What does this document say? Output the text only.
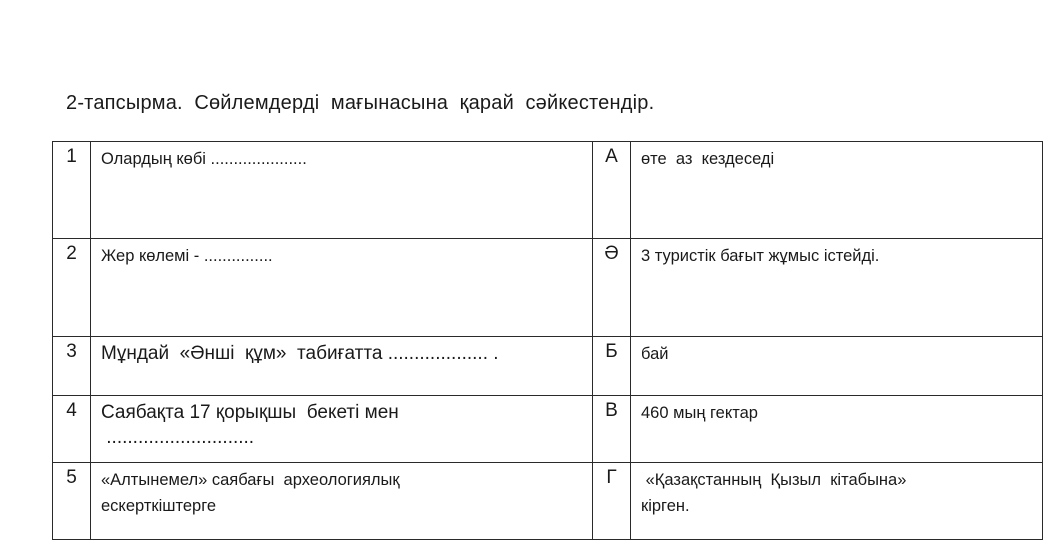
2-тапсырма.  Сөйлемдерді  мағынасына  қарай  сәйкестендір.
1	Олардың көбі .....................	А	өте  аз  кездеседі

2	Жер көлемі - ...............	Ә	3 туристік бағыт жұмыс істейді.

3	Мұндай  «Әнші  құм»  табиғатта ................... .	Б	бай

4	Саябақта 17 қорықшы  бекеті мен
............................	В	460 мың гектар

5	«Алтынемел» саябағы  археологиялық
ескерткіштерге	Г	«Қазақстанның  Қызыл  кітабына»
кірген.
